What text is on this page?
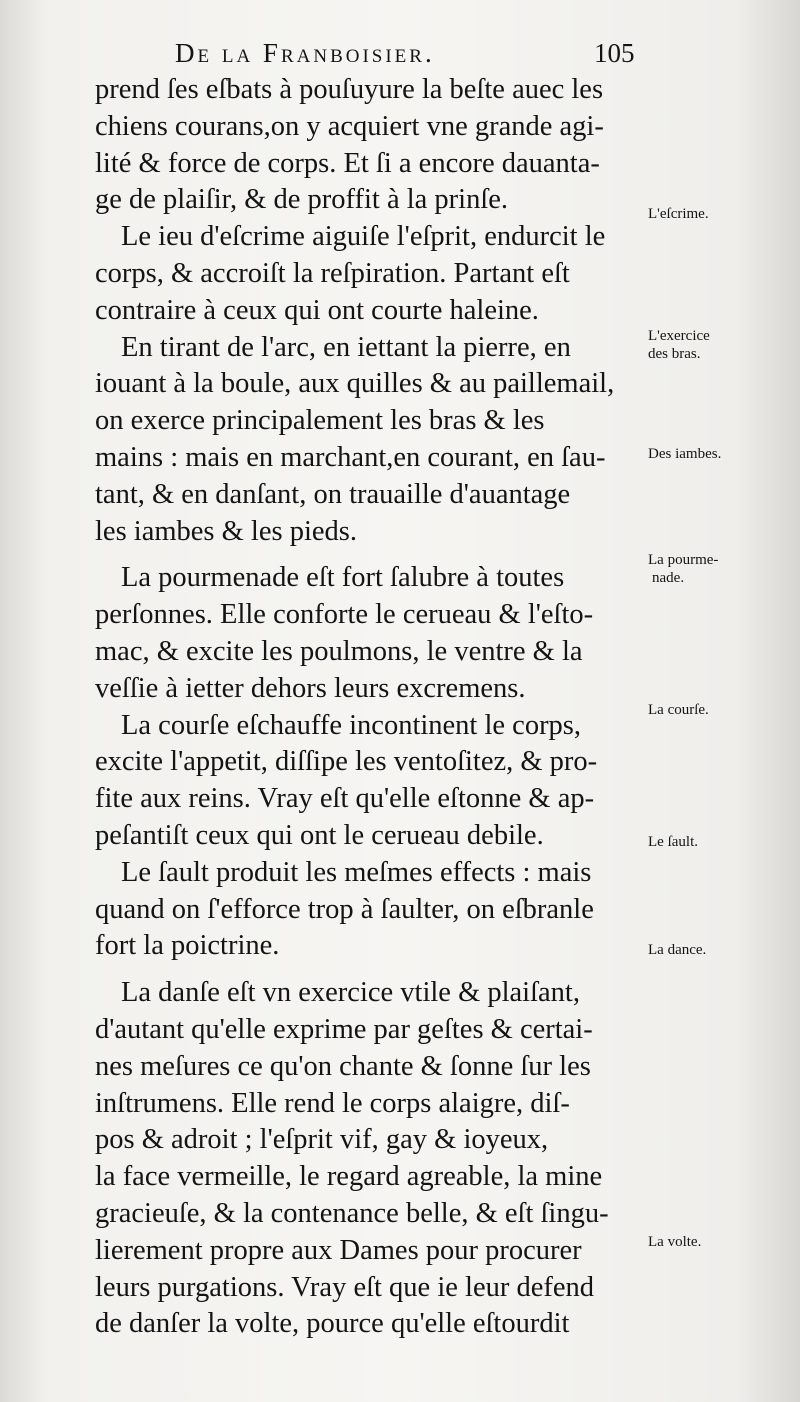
De la Franboisier.	105
prend ſes eſbats à pouſuyure la beſte auec les
chiens courans,on y acquiert vne grande agi-
lité & force de corps. Et ſi a encore dauanta-
ge de plaiſir, & de proffit à la prinſe.
Le ieu d'eſcrime aiguiſe l'eſprit, endurcit le
corps, & accroiſt la reſpiration. Partant eſt
contraire à ceux qui ont courte haleine.
En tirant de l'arc, en iettant la pierre, en
iouant à la boule, aux quilles & au paillemail,
on exerce principalement les bras & les
mains : mais en marchant,en courant, en ſau-
tant, & en danſant, on trauaille d'auantage
les iambes & les pieds.
La pourmenade eſt fort ſalubre à toutes
perſonnes. Elle conforte le cerueau & l'eſto-
mac, & excite les poulmons, le ventre & la
veſſie à ietter dehors leurs excremens.
La courſe eſchauffe incontinent le corps,
excite l'appetit, diſſipe les ventoſitez, & pro-
fite aux reins. Vray eſt qu'elle eſtonne & ap-
peſantiſt ceux qui ont le cerueau debile.
Le ſault produit les meſmes effects : mais
quand on ſ'efforce trop à ſaulter, on eſbranle
fort la poictrine.
La danſe eſt vn exercice vtile & plaiſant,
d'autant qu'elle exprime par geſtes & certai-
nes meſures ce qu'on chante & ſonne ſur les
inſtrumens. Elle rend le corps alaigre, diſ-
pos & adroit ; l'eſprit vif, gay & ioyeux,
la face vermeille, le regard agreable, la mine
gracieuſe, & la contenance belle, & eſt ſingu-
lierement propre aux Dames pour procurer
leurs purgations. Vray eſt que ie leur defend
de danſer la volte, pource qu'elle eſtourdit
L'eſcrime.
L'exercice
des bras.
Des iambes.
La pourme-
nade.
La courſe.
Le ſault.
La dance.
La volte.
